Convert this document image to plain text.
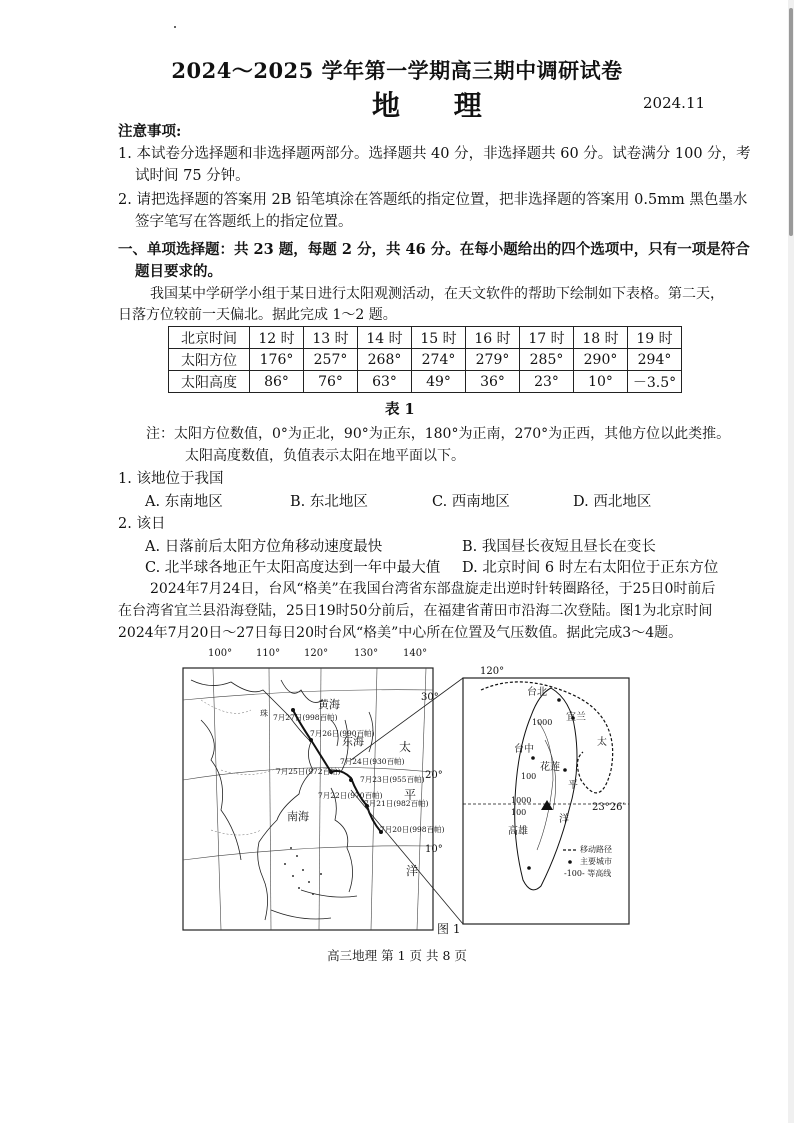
2024～2025 学年第一学期高三期中调研试卷
地 理	2024.11
注意事项:
1. 本试卷分选择题和非选择题两部分。选择题共 40 分，非选择题共 60 分。试卷满分 100 分，考
试时间 75 分钟。
2. 请把选择题的答案用 2B 铅笔填涂在答题纸的指定位置，把非选择题的答案用 0.5mm 黑色墨水
签字笔写在答题纸上的指定位置。
一、单项选择题：共 23 题，每题 2 分，共 46 分。在每小题给出的四个选项中，只有一项是符合
题目要求的。
我国某中学研学小组于某日进行太阳观测活动，在天文软件的帮助下绘制如下表格。第二天，
日落方位较前一天偏北。据此完成 1～2 题。
北京时间	12 时	13 时	14 时	15 时	16 时	17 时	18 时	19 时
太阳方位	176°	257°	268°	274°	279°	285°	290°	294°
太阳高度	86°	76°	63°	49°	36°	23°	10°	－3.5°
表 1
注：太阳方位数值，0°为正北，90°为正东，180°为正南，270°为正西，其他方位以此类推。
太阳高度数值，负值表示太阳在地平面以下。
1. 该地位于我国
A. 东南地区	B. 东北地区	C. 西南地区	D. 西北地区
2. 该日
A. 日落前后太阳方位角移动速度最快	B. 我国昼长夜短且昼长在变长
C. 北半球各地正午太阳高度达到一年中最大值 D. 北京时间 6 时左右太阳位于正东方位
2024年7月24日，台风“格美”在我国台湾省东部盘旋走出逆时针转圈路径，于25日0时前后
在台湾省宜兰县沿海登陆，25日19时50分前后，在福建省莆田市沿海二次登陆。图1为北京时间
2024年7月20日～27日每日20时台风“格美”中心所在位置及气压数值。据此完成3～4题。
100° 110° 120°	130° 140°
30°
20°
10°
黄海
东海
南海
太
平
洋
珠 7月27日(998百帕)
7月26日(990百帕)
7月25日(972百帕)
7月24日(930百帕)
7月23日(955百帕)
7月22日(970百帕)
7月21日(982百帕)
7月20日(998百帕)
120°
23°26′
台北
宜兰
台中
花莲
高雄
1000
100
1000
100
太
平
洋
移动路径
主要城市
-100- 等高线
图 1
高三地理 第 1 页 共 8 页
